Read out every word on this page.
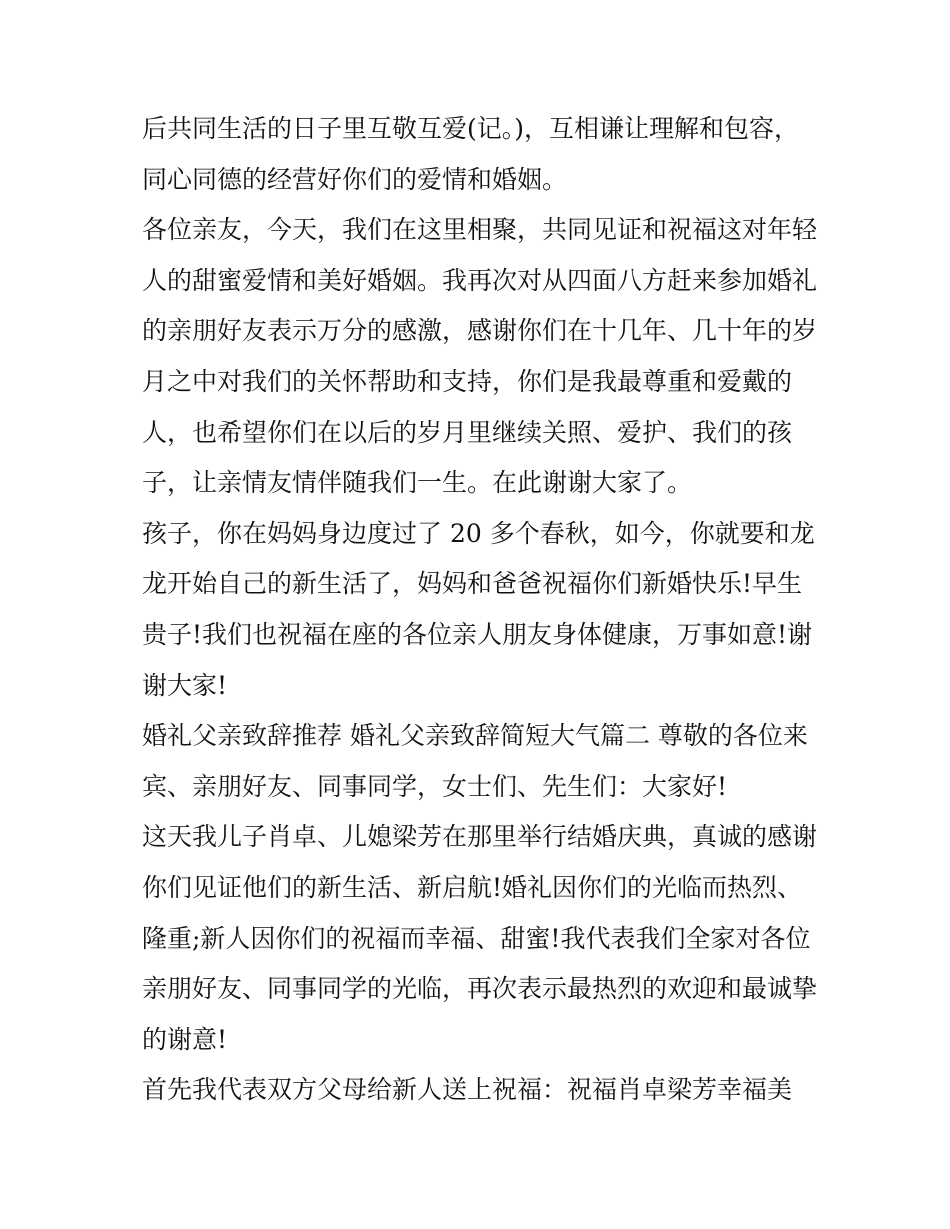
后共同生活的日子里互敬互爱(记。)，互相谦让理解和包容，
同心同德的经营好你们的爱情和婚姻。
各位亲友，今天，我们在这里相聚，共同见证和祝福这对年轻
人的甜蜜爱情和美好婚姻。我再次对从四面八方赶来参加婚礼
的亲朋好友表示万分的感激，感谢你们在十几年、几十年的岁
月之中对我们的关怀帮助和支持，你们是我最尊重和爱戴的
人，也希望你们在以后的岁月里继续关照、爱护、我们的孩
子，让亲情友情伴随我们一生。在此谢谢大家了。
孩子，你在妈妈身边度过了 20 多个春秋，如今，你就要和龙
龙开始自己的新生活了，妈妈和爸爸祝福你们新婚快乐!早生
贵子!我们也祝福在座的各位亲人朋友身体健康，万事如意!谢
谢大家!
婚礼父亲致辞推荐 婚礼父亲致辞简短大气篇二 尊敬的各位来
宾、亲朋好友、同事同学，女士们、先生们：大家好!
这天我儿子肖卓、儿媳梁芳在那里举行结婚庆典，真诚的感谢
你们见证他们的新生活、新启航!婚礼因你们的光临而热烈、
隆重;新人因你们的祝福而幸福、甜蜜!我代表我们全家对各位
亲朋好友、同事同学的光临，再次表示最热烈的欢迎和最诚挚
的谢意!
首先我代表双方父母给新人送上祝福：祝福肖卓梁芳幸福美
